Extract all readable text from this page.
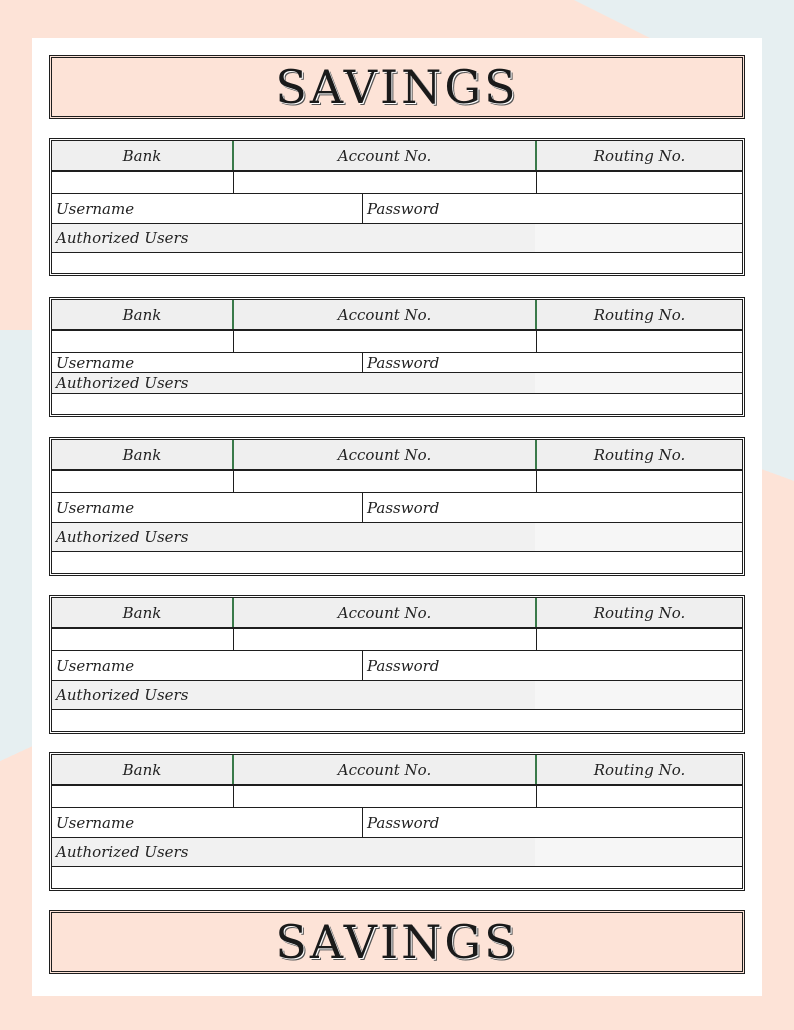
SAVINGS
Bank	Account No.	Routing No.
Username	Password
Authorized Users
Bank	Account No.	Routing No.
Username	Password
Authorized Users
Bank	Account No.	Routing No.
Username	Password
Authorized Users
Bank	Account No.	Routing No.
Username	Password
Authorized Users
Bank	Account No.	Routing No.
Username	Password
Authorized Users
SAVINGS
